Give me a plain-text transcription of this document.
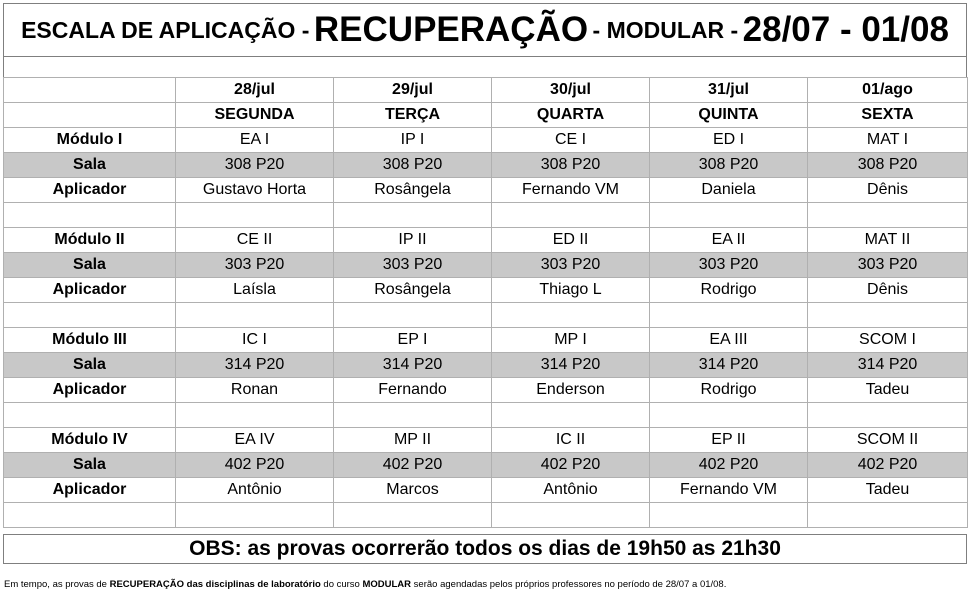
ESCALA DE APLICAÇÃO -
RECUPERAÇÃO
- MODULAR -
28/07 - 01/08
	28/jul	29/jul	30/jul	31/jul	01/ago
	SEGUNDA	TERÇA	QUARTA	QUINTA	SEXTA
Módulo I	EA I	IP I	CE I	ED I	MAT I
Sala	308 P20	308 P20	308 P20	308 P20	308 P20
Aplicador	Gustavo Horta	Rosângela	Fernando VM	Daniela	Dênis

Módulo II	CE II	IP II	ED II	EA II	MAT II
Sala	303 P20	303 P20	303 P20	303 P20	303 P20
Aplicador	Laísla	Rosângela	Thiago L	Rodrigo	Dênis

Módulo III	IC I	EP I	MP I	EA III	SCOM I
Sala	314 P20	314 P20	314 P20	314 P20	314 P20
Aplicador	Ronan	Fernando	Enderson	Rodrigo	Tadeu

Módulo IV	EA IV	MP II	IC II	EP II	SCOM II
Sala	402 P20	402 P20	402 P20	402 P20	402 P20
Aplicador	Antônio	Marcos	Antônio	Fernando VM	Tadeu

OBS: as provas ocorrerão todos os dias de 19h50 as 21h30
Em tempo, as provas de RECUPERAÇÃO das disciplinas de laboratório do curso MODULAR serão agendadas pelos próprios professores no período de 28/07 a 01/08.
